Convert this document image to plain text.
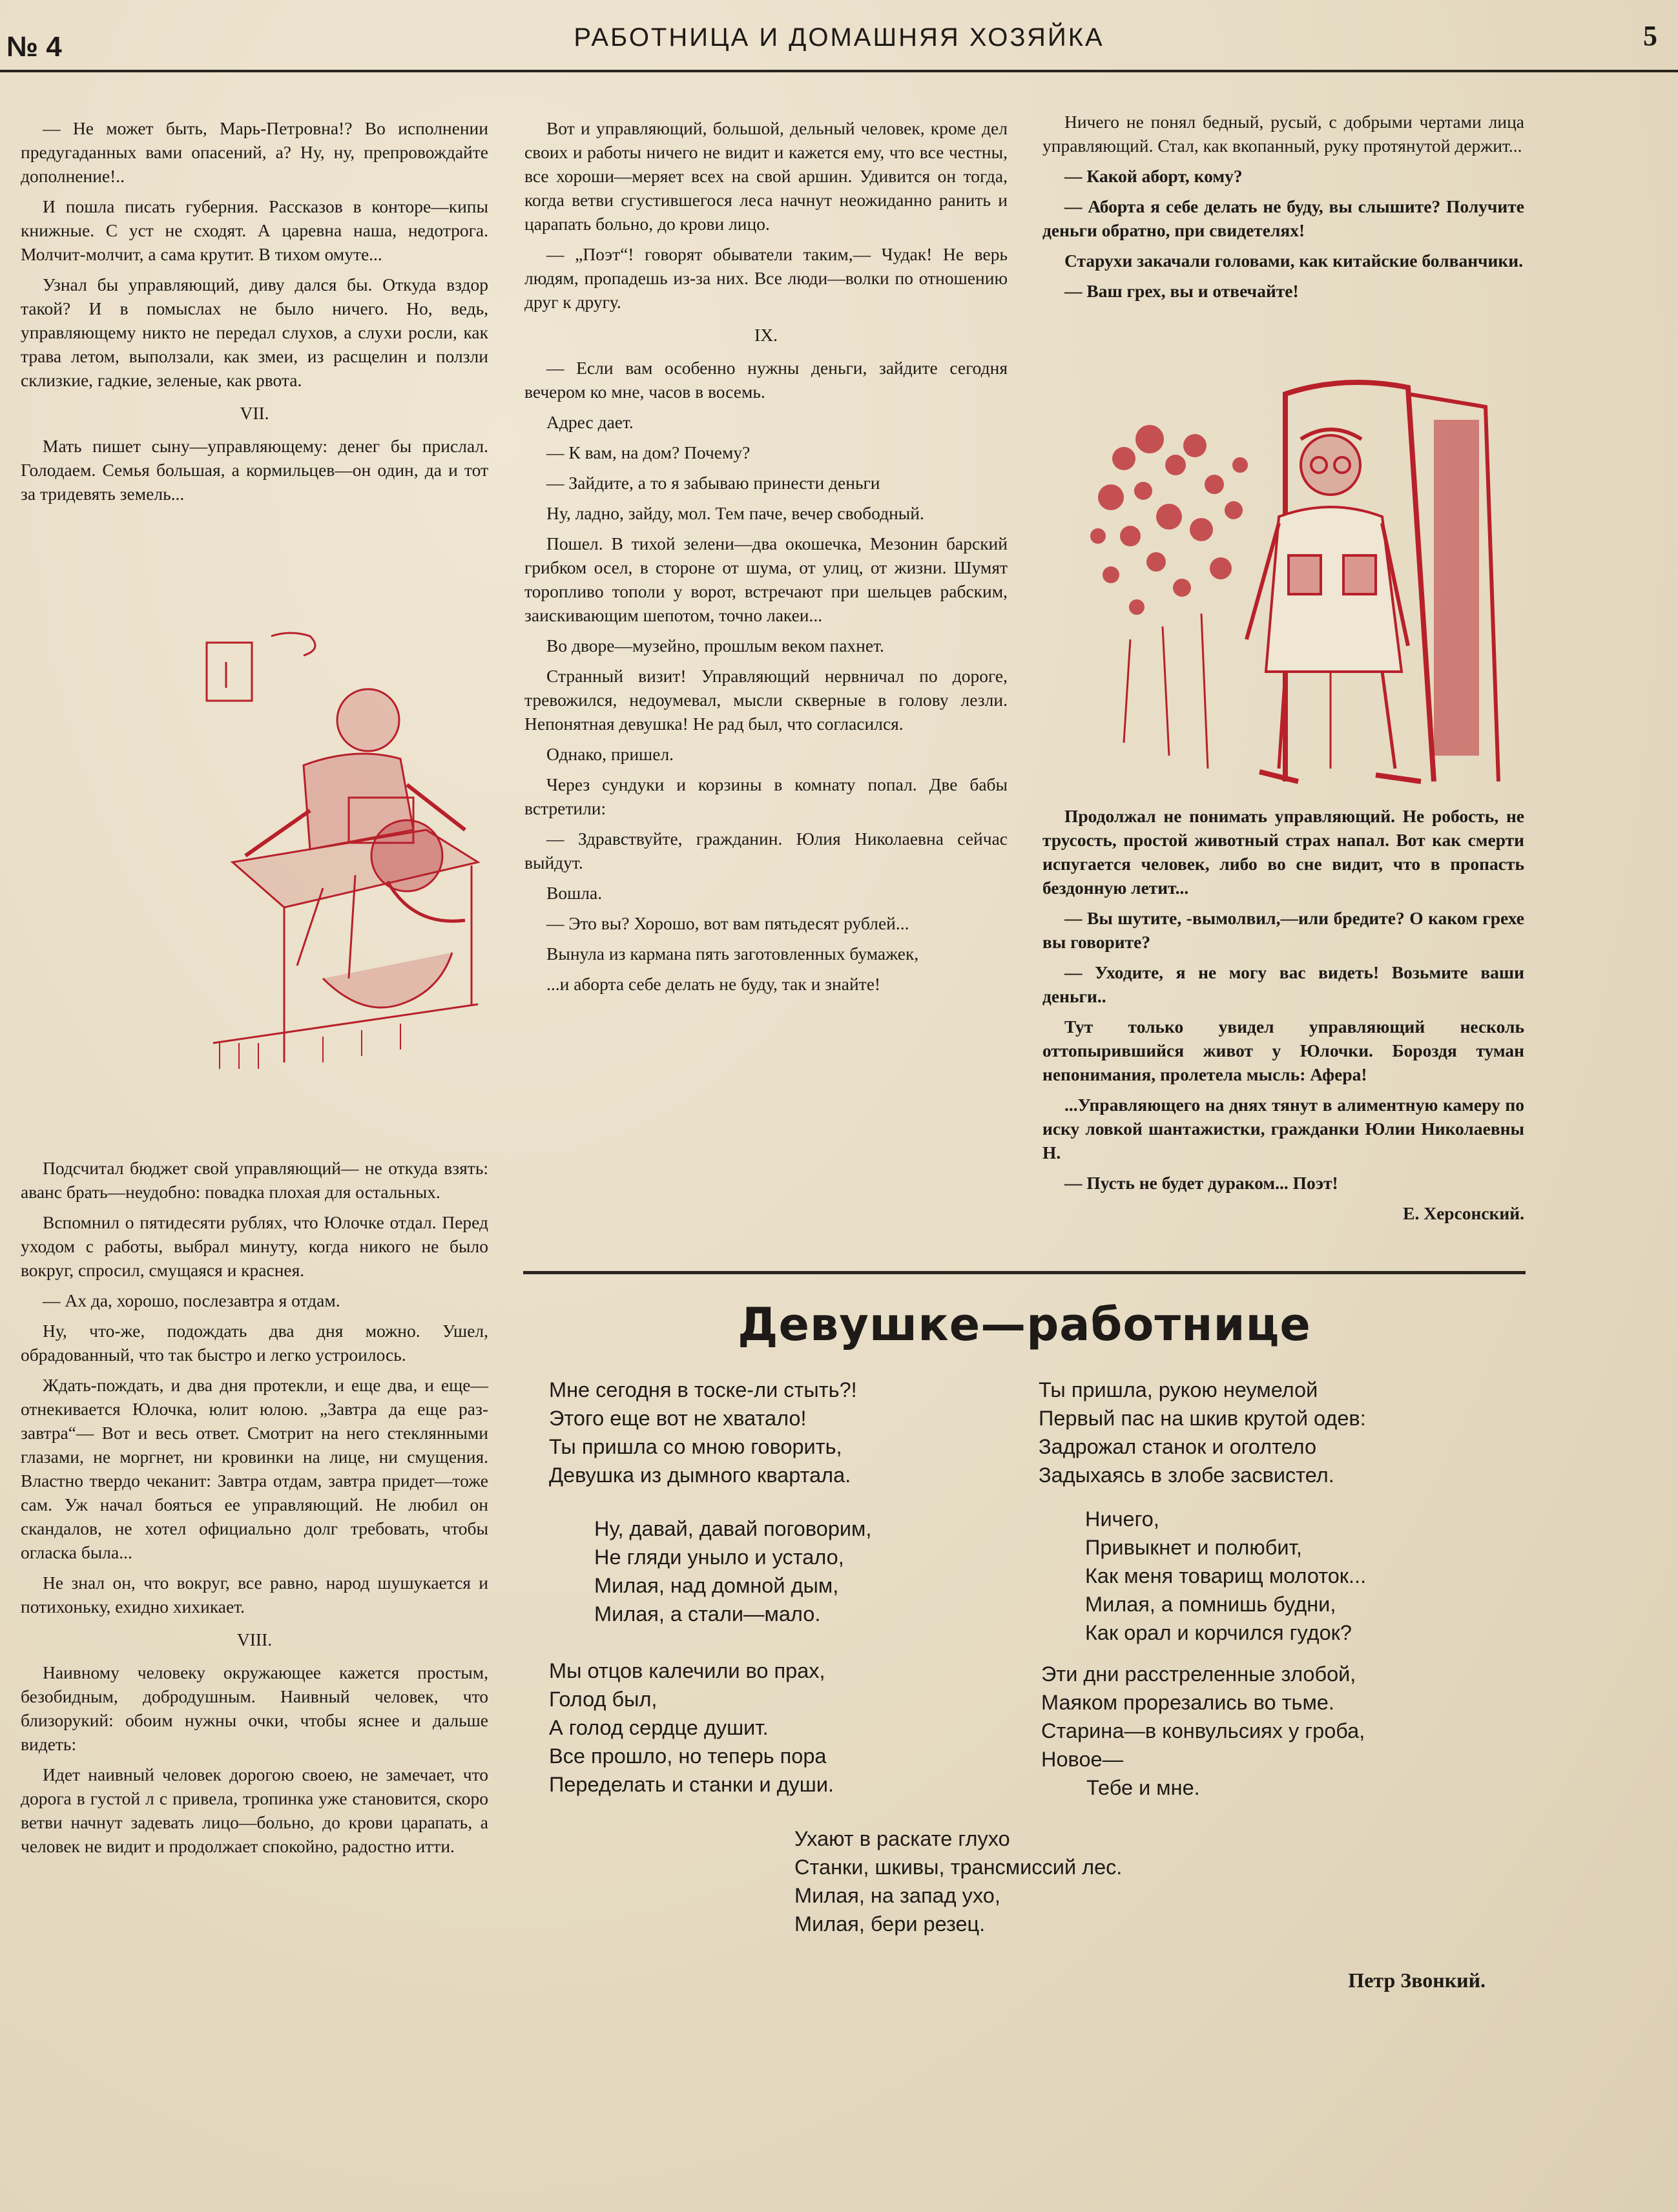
№ 4	РАБОТНИЦА И ДОМАШНЯЯ ХОЗЯЙКА	5

— Не может быть, Марь-Петровна!? Во исполнении предугаданных вами опасений, а? Ну, ну, препровождайте дополнение!..

И пошла писать губерния. Рассказов в конторе—кипы книжные. С уст не сходят. А царевна наша, недотрога. Молчит-молчит, а сама крутит. В тихом омуте...

Узнал бы управляющий, диву дался бы. Откуда вздор такой? И в помыслах не было ничего. Но, ведь, управляющему никто не передал слухов, а слухи росли, как трава летом, выползали, как змеи, из расщелин и ползли склизкие, гадкие, зеленые, как рвота.

VII.

Мать пишет сыну—управляющему: денег бы прислал. Голодаем. Семья большая, а кормильцев—он один, да и тот за тридевять земель...

Подсчитал бюджет свой управляющий— не откуда взять: аванс брать—неудобно: повадка плохая для остальных.

Вспомнил о пятидесяти рублях, что Юлочке отдал. Перед уходом с работы, выбрал минуту, когда никого не было вокруг, спросил, смущаяся и краснея.

— Ах да, хорошо, послезавтра я отдам.

Ну, что-же, подождать два дня можно. Ушел, обрадованный, что так быстро и легко устроилось.

Ждать-пождать, и два дня протекли, и еще два, и еще—отнекивается Юлочка, юлит юлою. „Завтра да еще раз-завтра“— Вот и весь ответ. Смотрит на него стеклянными глазами, не моргнет, ни кровинки на лице, ни смущения. Властно твердо чеканит: Завтра отдам, завтра придет—тоже сам. Уж начал бояться ее управляющий. Не любил он скандалов, не хотел официально долг требовать, чтобы огласка была...

Не знал он, что вокруг, все равно, народ шушукается и потихоньку, ехидно хихикает.

VIII.

Наивному человеку окружающее кажется простым, безобидным, добродушным. Наивный человек, что близорукий: обоим нужны очки, чтобы яснее и дальше видеть:

Идет наивный человек дорогою своею, не замечает, что дорога в густой л с привела, тропинка уже становится, скоро ветви начнут задевать лицо—больно, до крови царапать, а человек не видит и продолжает спокойно, радостно итти.

Вот и управляющий, большой, дельный человек, кроме дел своих и работы ничего не видит и кажется ему, что все честны, все хороши—меряет всех на свой аршин. Удивится он тогда, когда ветви сгустившегося леса начнут неожиданно ранить и царапать больно, до крови лицо.

— „Поэт“! говорят обыватели таким,— Чудак! Не верь людям, пропадешь из-за них. Все люди—волки по отношению друг к другу.

IX.

— Если вам особенно нужны деньги, зайдите сегодня вечером ко мне, часов в восемь.

Адрес дает.

— К вам, на дом? Почему?

— Зайдите, а то я забываю принести деньги

Ну, ладно, зайду, мол. Тем паче, вечер свободный.

Пошел. В тихой зелени—два окошечка, Мезонин барский грибком осел, в стороне от шума, от улиц, от жизни. Шумят торопливо тополи у ворот, встречают при шельцев рабским, заискивающим шепотом, точно лакеи...

Во дворе—музейно, прошлым веком пахнет.

Странный визит! Управляющий нервничал по дороге, тревожился, недоумевал, мысли скверные в голову лезли. Непонятная девушка! Не рад был, что согласился.

Однако, пришел.

Через сундуки и корзины в комнату попал. Две бабы встретили:

— Здравствуйте, гражданин. Юлия Николаевна сейчас выйдут.

Вошла.

— Это вы? Хорошо, вот вам пятьдесят рублей...

Вынула из кармана пять заготовленных бумажек,

...и аборта себе делать не буду, так и знайте!

Ничего не понял бедный, русый, с добрыми чертами лица управляющий. Стал, как вкопанный, руку протянутой держит...

— Какой аборт, кому?

— Аборта я себе делать не буду, вы слышите? Получите деньги обратно, при свидетелях!

Старухи закачали головами, как китайские болванчики.

— Ваш грех, вы и отвечайте!

Продолжал не понимать управляющий. Не робость, не трусость, простой животный страх напал. Вот как смерти испугается человек, либо во сне видит, что в пропасть бездонную летит...

— Вы шутите, -вымолвил,—или бредите? О каком грехе вы говорите?

— Уходите, я не могу вас видеть! Возьмите ваши деньги..

Тут только увидел управляющий несколь оттопырившийся живот у Юлочки. Бороздя туман непонимания, пролетела мысль: Афера!

...Управляющего на днях тянут в алиментную камеру по иску ловкой шантажистки, гражданки Юлии Николаевны Н.

— Пусть не будет дураком... Поэт!

Е. Херсонский.

Девушке—работнице
Мне сегодня в тоске-ли стыть?!
Этого еще вот не хватало!
Ты пришла со мною говорить,
Девушка из дымного квартала.
Ну, давай, давай поговорим,
Не гляди уныло и устало,
Милая, над домной дым,
Милая, а стали—мало.
Мы отцов калечили во прах,
Голод был,
А голод сердце душит.
Все прошло, но теперь пора
Переделать и станки и души.
Ты пришла, рукою неумелой
Первый пас на шкив крутой одев:
Задрожал станок и оголтело
Задыхаясь в злобе засвистел.
Ничего,
Привыкнет и полюбит,
Как меня товарищ молоток...
Милая, а помнишь будни,
Как орал и корчился гудок?
Эти дни расстреленные злобой,
Маяком прорезались во тьме.
Старина—в конвульсиях у гроба,
Новое—
Тебе и мне.
Ухают в раскате глухо
Станки, шкивы, трансмиссий лес.
Милая, на запад ухо,
Милая, бери резец.
Петр Звонкий.
